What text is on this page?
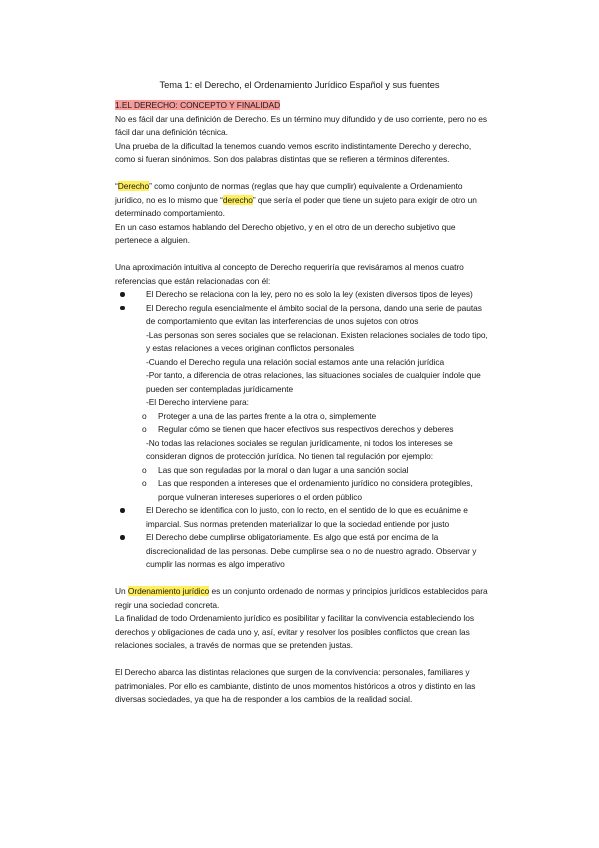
Tema 1: el Derecho, el Ordenamiento Jurídico Español y sus fuentes

1.EL DERECHO: CONCEPTO Y FINALIDAD

No es fácil dar una definición de Derecho. Es un término muy difundido y de uso corriente, pero no es fácil dar una definición técnica.

Una prueba de la dificultad la tenemos cuando vemos escrito indistintamente Derecho y derecho, como si fueran sinónimos. Son dos palabras distintas que se refieren a términos diferentes.

“Derecho” como conjunto de normas (reglas que hay que cumplir) equivalente a Ordenamiento jurídico, no es lo mismo que “derecho” que sería el poder que tiene un sujeto para exigir de otro un determinado comportamiento.

En un caso estamos hablando del Derecho objetivo, y en el otro de un derecho subjetivo que pertenece a alguien.

Una aproximación intuitiva al concepto de Derecho requeriría que revisáramos al menos cuatro referencias que están relacionadas con él:

El Derecho se relaciona con la ley, pero no es solo la ley (existen diversos tipos de leyes)
El Derecho regula esencialmente el ámbito social de la persona, dando una serie de pautas de comportamiento que evitan las interferencias de unos sujetos con otros
-Las personas son seres sociales que se relacionan. Existen relaciones sociales de todo tipo, y estas relaciones a veces originan conflictos personales
-Cuando el Derecho regula una relación social estamos ante una relación jurídica
-Por tanto, a diferencia de otras relaciones, las situaciones sociales de cualquier índole que pueden ser contempladas jurídicamente
-El Derecho interviene para:
o Proteger a una de las partes frente a la otra o, simplemente
o Regular cómo se tienen que hacer efectivos sus respectivos derechos y deberes
-No todas las relaciones sociales se regulan jurídicamente, ni todos los intereses se consideran dignos de protección jurídica. No tienen tal regulación por ejemplo:
o Las que son reguladas por la moral o dan lugar a una sanción social
o Las que responden a intereses que el ordenamiento jurídico no considera protegibles, porque vulneran intereses superiores o el orden público
El Derecho se identifica con lo justo, con lo recto, en el sentido de lo que es ecuánime e imparcial. Sus normas pretenden materializar lo que la sociedad entiende por justo
El Derecho debe cumplirse obligatoriamente. Es algo que está por encima de la discrecionalidad de las personas. Debe cumplirse sea o no de nuestro agrado. Observar y cumplir las normas es algo imperativo

Un Ordenamiento jurídico es un conjunto ordenado de normas y principios jurídicos establecidos para regir una sociedad concreta.

La finalidad de todo Ordenamiento jurídico es posibilitar y facilitar la convivencia estableciendo los derechos y obligaciones de cada uno y, así, evitar y resolver los posibles conflictos que crean las relaciones sociales, a través de normas que se pretenden justas.

El Derecho abarca las distintas relaciones que surgen de la convivencia: personales, familiares y patrimoniales. Por ello es cambiante, distinto de unos momentos históricos a otros y distinto en las diversas sociedades, ya que ha de responder a los cambios de la realidad social.
